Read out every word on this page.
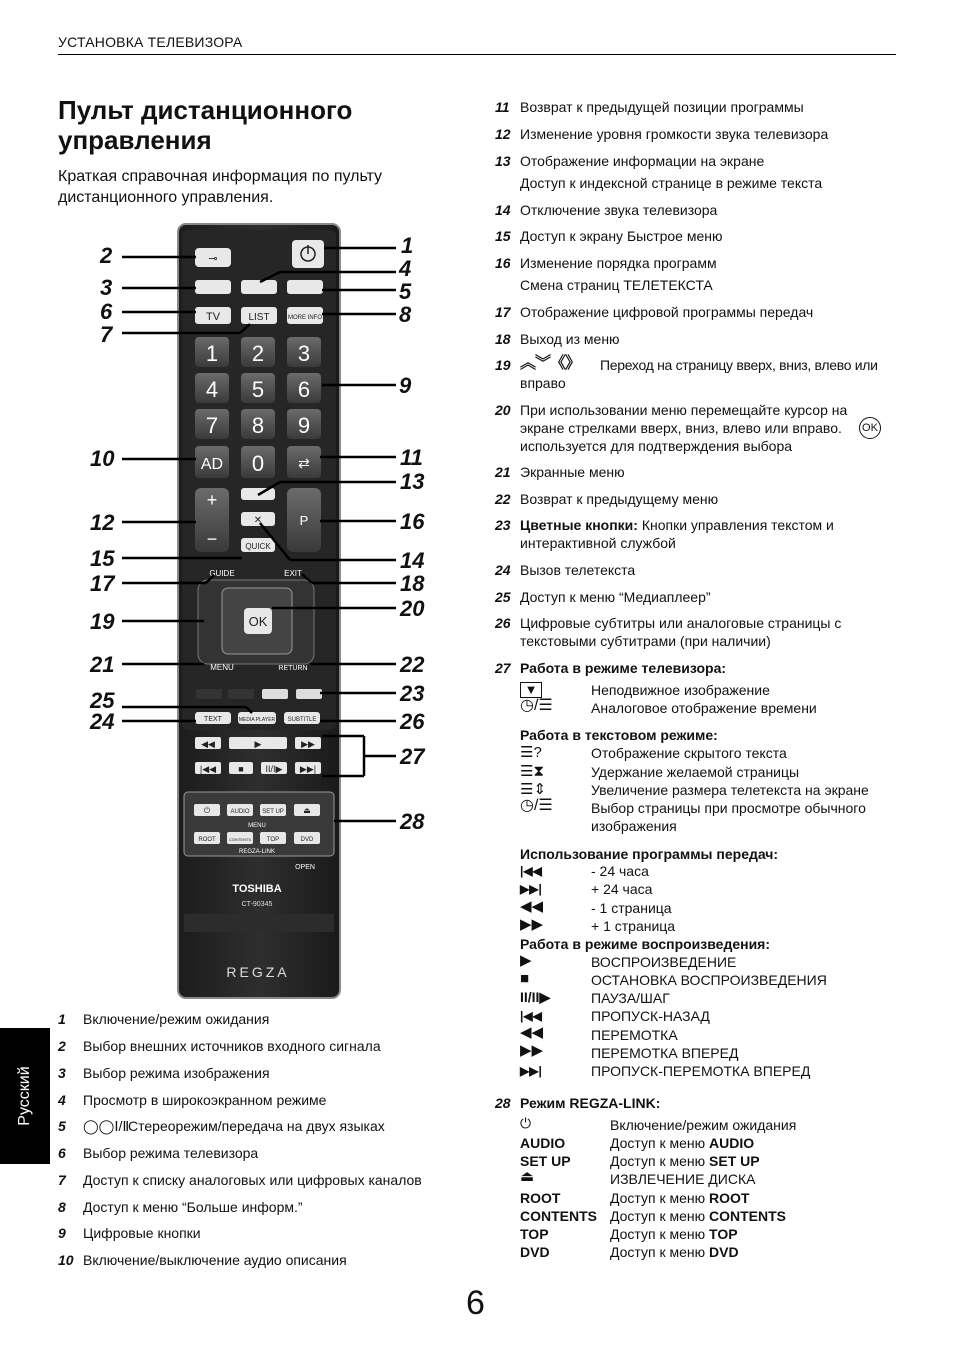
УСТАНОВКА ТЕЛЕВИЗОРА
Пульт дистанционного
управления
Краткая справочная информация по пульту дистанционного управления.
Русский
⊸
TV	LIST	MORE INFO
1 2 3
4 5 6
7 8 9
AD 0 ⇄
+
−
P
✕
QUICK
GUIDE	EXIT
OK
MENU	RETURN
TEXT	MEDIA PLAYER SUBTITLE
◀◀	▶	▶▶
|◀◀ ■ II/I▶ ▶▶|
AUDIO SET UP
ROOT	CONTENTS	TOP	DVD
⏻	⏏
MENU
REGZA-LINK
OPEN
TOSHIBA
CT-90345
REGZA
1
2
3
4
5
6
7
8
9
10	11
12
13
14
15
16
17	18
19
20
21	22
23
24
25
26
27
28
1 Включение/режим ожидания
2 Выбор внешних источников входного сигнала
3 Выбор режима изображения
4 Просмотр в широкоэкранном режиме
5 ◯◯Ⅰ/Ⅱ
Стереорежим/передача на двух языках
6 Выбор режима телевизора
7 Доступ к списку аналоговых или цифровых каналов
8 Доступ к меню “Больше информ.”
9 Цифровые кнопки
10 Включение/выключение аудио описания
11 Возврат к предыдущей позиции программы
12 Изменение уровня громкости звука телевизора
13 Отображение информации на экране
Доступ к индексной странице в режиме текста
14 Отключение звука телевизора
15 Доступ к экрану Быстрое меню
16 Изменение порядка программ
Смена страниц ТЕЛЕТЕКСТА
17 Отображение цифровой программы передач
18 Выход из меню
19 ︽︾《》 Переход на страницу вверх, вниз, влево или
вправо
20 При использовании меню перемещайте курсор на
экране стрелками вверх, вниз, влево или вправо. OK
используется для подтверждения выбора
21 Экранные меню
22 Возврат к предыдущему меню
23 Цветные кнопки: Кнопки управления текстом и
интерактивной службой
24 Вызов телетекста
25 Доступ к меню “Медиаплеер”
26 Цифровые субтитры или аналоговые страницы с
текстовыми субтитрами (при наличии)
27 Работа в режиме телевизора:
▼	Неподвижное изображение
◷/☰	Аналоговое отображение времени
Работа в текстовом режиме:
☰?	Отображение скрытого текста
☰⧗	Удержание желаемой страницы
☰⇕	Увеличение размера телетекста на экране
◷/☰	Выбор страницы при просмотре обычного
изображения
Использование программы передач:
|◀◀	- 24 часа
▶▶|	+ 24 часа
◀◀	- 1 страница
▶▶	+ 1 страница
Работа в режиме воспроизведения:
▶	ВОСПРОИЗВЕДЕНИЕ
■	ОСТАНОВКА ВОСПРОИЗВЕДЕНИЯ
II/II▶	ПАУЗА/ШАГ
|◀◀	ПРОПУСК-НАЗАД
◀◀	ПЕРЕМОТКА
▶▶	ПЕРЕМОТКА ВПЕРЕД
▶▶|	ПРОПУСК-ПЕРЕМОТКА ВПЕРЕД
28 Режим REGZA-LINK:
⏻	Включение/режим ожидания
AUDIO	Доступ к меню AUDIO
SET UP	Доступ к меню SET UP
⏏	ИЗВЛЕЧЕНИЕ ДИСКА
ROOT	Доступ к меню ROOT
CONTENTS Доступ к меню CONTENTS
TOP	Доступ к меню TOP
DVD	Доступ к меню DVD
6
